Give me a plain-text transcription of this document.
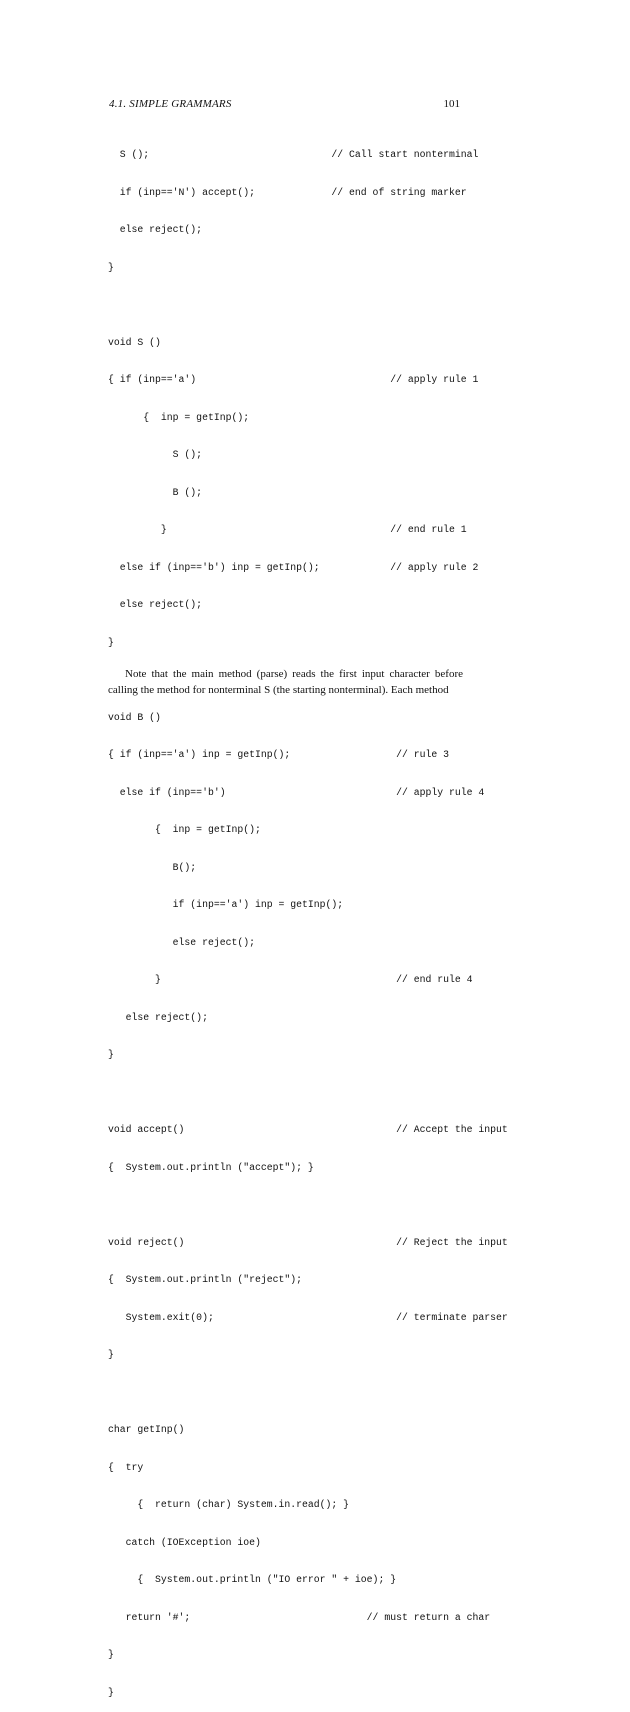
4.1. SIMPLE GRAMMARS	101

S ();                               // Call start nonterminal

if (inp=='N') accept();             // end of string marker

else reject();

}

void S ()

{ if (inp=='a')                                 // apply rule 1

{  inp = getInp();

S ();

B ();

}                                      // end rule 1

else if (inp=='b') inp = getInp();            // apply rule 2

else reject();

}

void B ()

{ if (inp=='a') inp = getInp();                  // rule 3

else if (inp=='b')                             // apply rule 4

{  inp = getInp();

B();

if (inp=='a') inp = getInp();

else reject();

}                                        // end rule 4

else reject();

}

void accept()                                    // Accept the input

{  System.out.println ("accept"); }

void reject()                                    // Reject the input

{  System.out.println ("reject");

System.exit(0);                               // terminate parser

}

char getInp()

{  try

{  return (char) System.in.read(); }

catch (IOException ioe)

{  System.out.println ("IO error " + ioe); }

return '#';                              // must return a char

}

}

Note that the main method (parse) reads the first input character before calling the method for nonterminal S (the starting nonterminal). Each method
